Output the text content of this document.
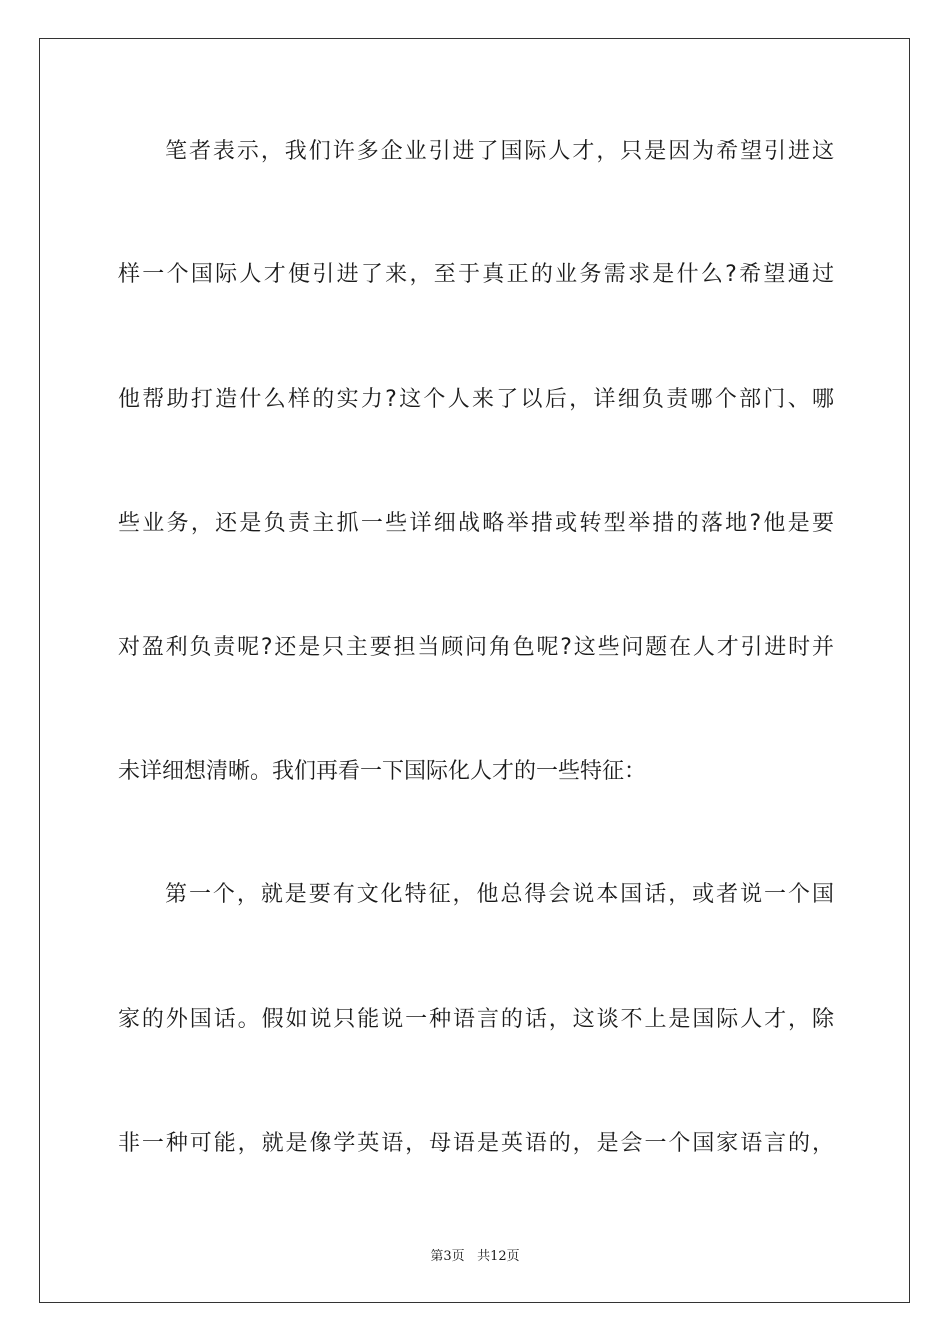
笔者表示，我们许多企业引进了国际人才，只是因为希望引进这
样一个国际人才便引进了来，至于真正的业务需求是什么?希望通过
他帮助打造什么样的实力?这个人来了以后，详细负责哪个部门、哪
些业务，还是负责主抓一些详细战略举措或转型举措的落地?他是要
对盈利负责呢?还是只主要担当顾问角色呢?这些问题在人才引进时并
未详细想清晰。我们再看一下国际化人才的一些特征：
第一个，就是要有文化特征，他总得会说本国话，或者说一个国
家的外国话。假如说只能说一种语言的话，这谈不上是国际人才，除
非一种可能，就是像学英语，母语是英语的，是会一个国家语言的，
第3页 共12页
